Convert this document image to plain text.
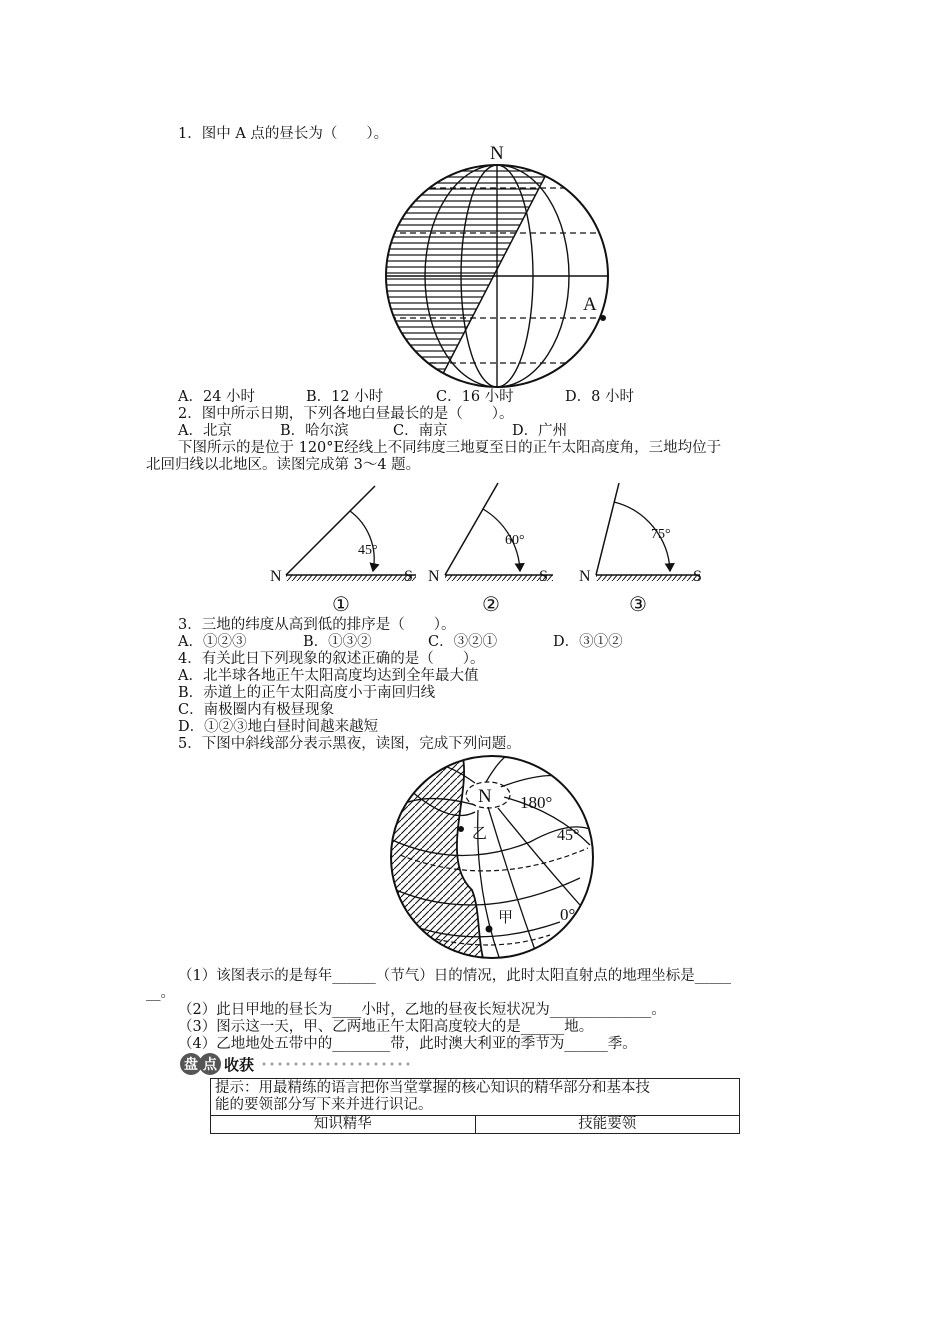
1．图中 A 点的昼长为（　　）。
N
A
A．24 小时	B．12 小时	C．16 小时	D．8 小时
2．图中所示日期，下列各地白昼最长的是（　　）。
A．北京	B．哈尔滨	C．南京	D．广州
下图所示的是位于 120°E经线上不同纬度三地夏至日的正午太阳高度角，三地均位于
北回归线以北地区。读图完成第 3～4 题。
N	S
45°
①
N	S
60°
②
N	S
75°
③
3．三地的纬度从高到低的排序是（　　）。
A．①②③	B．①③②	C．③②①	D．③①②
4．有关此日下列现象的叙述正确的是（　　）。
A．北半球各地正午太阳高度均达到全年最大值
B．赤道上的正午太阳高度小于南回归线
C．南极圈内有极昼现象
D．①②③地白昼时间越来越短
5．下图中斜线部分表示黑夜，读图，完成下列问题。
N 180°
45°
乙
甲	0°
（1）该图表示的是每年______（节气）日的情况，此时太阳直射点的地理坐标是_____
__。
（2）此日甲地的昼长为____小时，乙地的昼夜长短状况为______________。
（3）图示这一天，甲、乙两地正午太阳高度较大的是______地。
（4）乙地地处五带中的________带，此时澳大利亚的季节为______季。
盘 点 收获
提示：用最精练的语言把你当堂掌握的核心知识的精华部分和基本技
能的要领部分写下来并进行识记。

知识精华	技能要领
